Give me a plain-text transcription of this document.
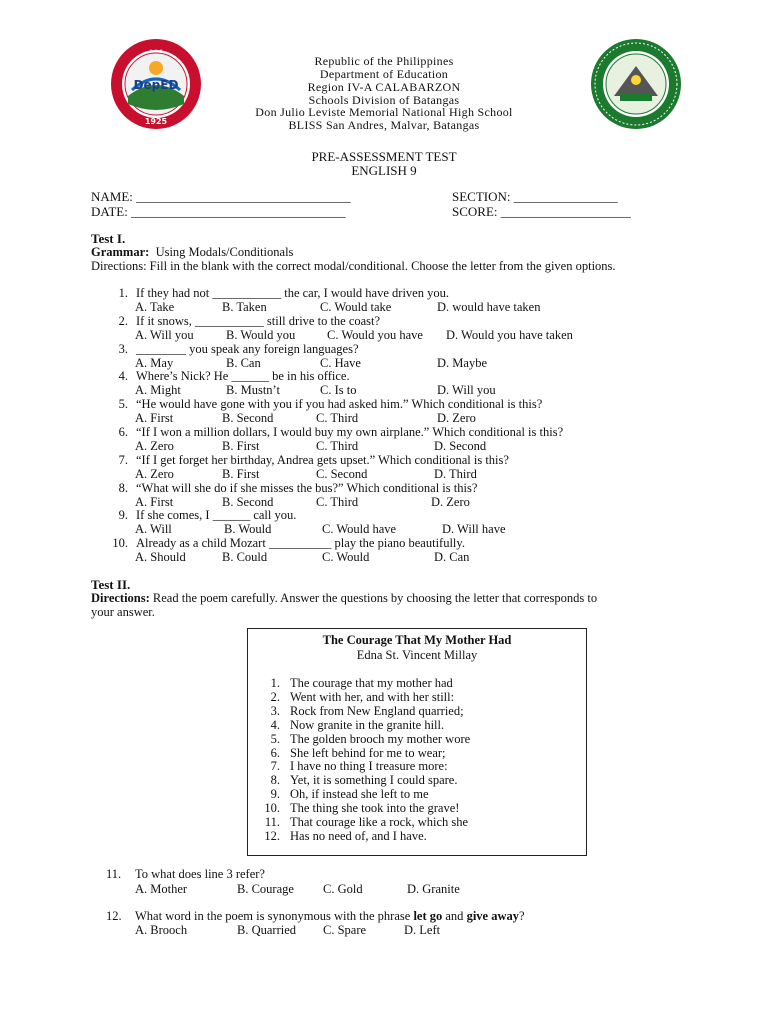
· · ·
1925
DepED
Republic of the Philippines
Department of Education
Region IV-A CALABARZON
Schools Division of Batangas
Don Julio Leviste Memorial National High School
BLISS San Andres, Malvar, Batangas
PRE-ASSESSMENT TEST
ENGLISH 9
NAME: _________________________________	SECTION: ________________
DATE: _________________________________	SCORE: ____________________
Test I.
Grammar:  Using Modals/Conditionals
Directions: Fill in the blank with the correct modal/conditional. Choose the letter from the given options.
1. If they had not ___________ the car, I would have driven you.
A. Take	B. Taken	C. Would take	D. would have taken
2. If it snows, ___________ still drive to the coast?
A. Will you	B. Would you	C. Would you have D. Would you have taken
3. ________ you speak any foreign languages?
A. May	B. Can	C. Have	D. Maybe
4. Where’s Nick? He ______ be in his office.
A. Might	B. Mustn’t	C. Is to	D. Will you
5. “He would have gone with you if you had asked him.” Which conditional is this?
A. First	B. Second	C. Third	D. Zero
6. “If I won a million dollars, I would buy my own airplane.” Which conditional is this?
A. Zero	B. First	C. Third	D. Second
7. “If I get forget her birthday, Andrea gets upset.” Which conditional is this?
A. Zero	B. First	C. Second	D. Third
8. “What will she do if she misses the bus?” Which conditional is this?
A. First	B. Second	C. Third	D. Zero
9. If she comes, I ______ call you.
A. Will	B. Would	C. Would have	D. Will have
10. Already as a child Mozart __________ play the piano beautifully.
A. Should	B. Could	C. Would	D. Can
Test II.
Directions: Read the poem carefully. Answer the questions by choosing the letter that corresponds to
your answer.
The Courage That My Mother Had
Edna St. Vincent Millay
1. The courage that my mother had
2. Went with her, and with her still:
3. Rock from New England quarried;
4. Now granite in the granite hill.
5. The golden brooch my mother wore
6. She left behind for me to wear;
7. I have no thing I treasure more:
8. Yet, it is something I could spare.
9. Oh, if instead she left to me
10. The thing she took into the grave!
11. That courage like a rock, which she
12. Has no need of, and I have.
11. To what does line 3 refer?
A. Mother	B. Courage C. Gold	D. Granite
12. What word in the poem is synonymous with the phrase let go and give away?
A. Brooch	B. Quarried C. Spare	D. Left
